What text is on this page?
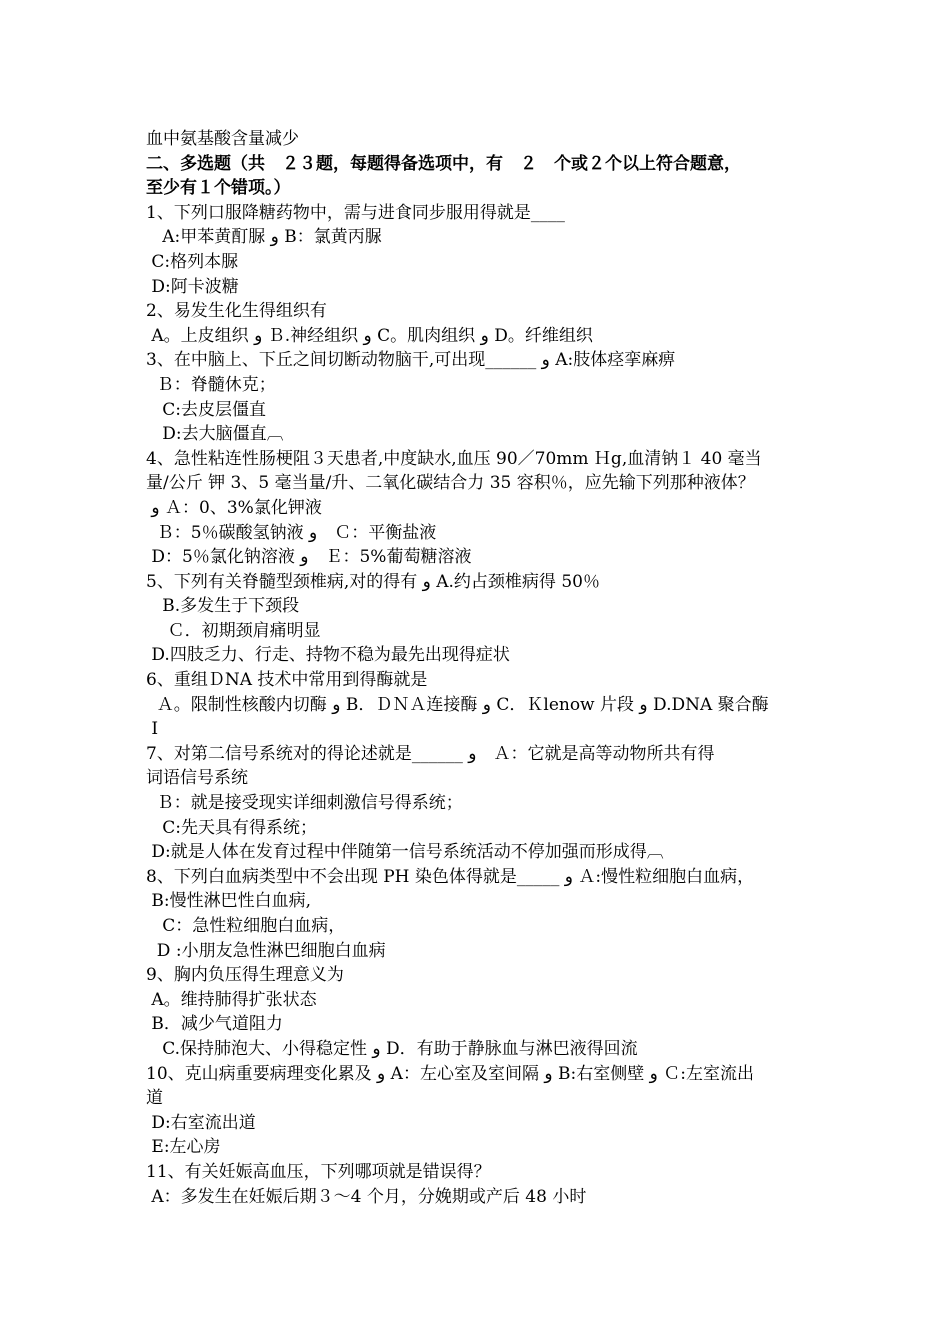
血中氨基酸含量减少
二、多选题（共　２３题，每题得备选项中，有　２　个或２个以上符合题意，
至少有１个错项。）
1、下列口服降糖药物中，需与进食同步服用得就是____
A:甲苯黄酊脲 و B：氯黄丙脲
C:格列本脲
D:阿卡波糖
2、易发生化生得组织有
A。上皮组织 و Ｂ.神经组织 و C。肌肉组织 و D。纤维组织
3、在中脑上、下丘之间切断动物脑干,可出现______ 󠁻و A:肢体痉挛麻痹
Ｂ：脊髓休克；
C:去皮层僵直
D:去大脑僵直︹
4、急性粘连性肠梗阻３天患者,中度缺水,血压 90／70mm Ｈg,血清钠１ 40 毫当
量/公斤 钾 3、5 毫当量/升、二氧化碳结合力 35 容积％，应先输下列那种液体？
و Ａ：0、3%氯化钾液
Ｂ：5％碳酸氢钠液 و　Ｃ：平衡盐液
D：5％氯化钠溶液 و　Ｅ：5%葡萄糖溶液
5、下列有关脊髓型颈椎病,对的得有 و A.约占颈椎病得 50％
B.多发生于下颈段
Ｃ．初期颈肩痛明显
D.四肢乏力、行走、持物不稳为最先出现得症状
6、重组ＤNA 技术中常用到得酶就是
Ａ。限制性核酸内切酶 و B．ＤＮＡ连接酶 و C．Ｋlenow 片段 و D.DNA 聚合酶
Ⅰ
7、对第二信号系统对的得论述就是______ و　Ａ：它就是高等动物所共有得
词语信号系统
Ｂ：就是接受现实详细刺激信号得系统；
C:先天具有得系统；
D:就是人体在发育过程中伴随第一信号系统活动不停加强而形成得︹
8、下列白血病类型中不会出现 PH 染色体得就是_____ و Ａ:慢性粒细胞白血病，
B:慢性淋巴性白血病,
C：急性粒细胞白血病，
D :小朋友急性淋巴细胞白血病
9、胸内负压得生理意义为
A。维持肺得扩张状态
B．减少气道阻力
C.保持肺泡大、小得稳定性 و D．有助于静脉血与淋巴液得回流
10、克山病重要病理变化累及 و A：左心室及室间隔 و B:右室侧壁 و Ｃ:左室流出
道
D:右室流出道
E:左心房
11、有关妊娠高血压，下列哪项就是错误得？
A：多发生在妊娠后期３～4 个月，分娩期或产后 48 小时
